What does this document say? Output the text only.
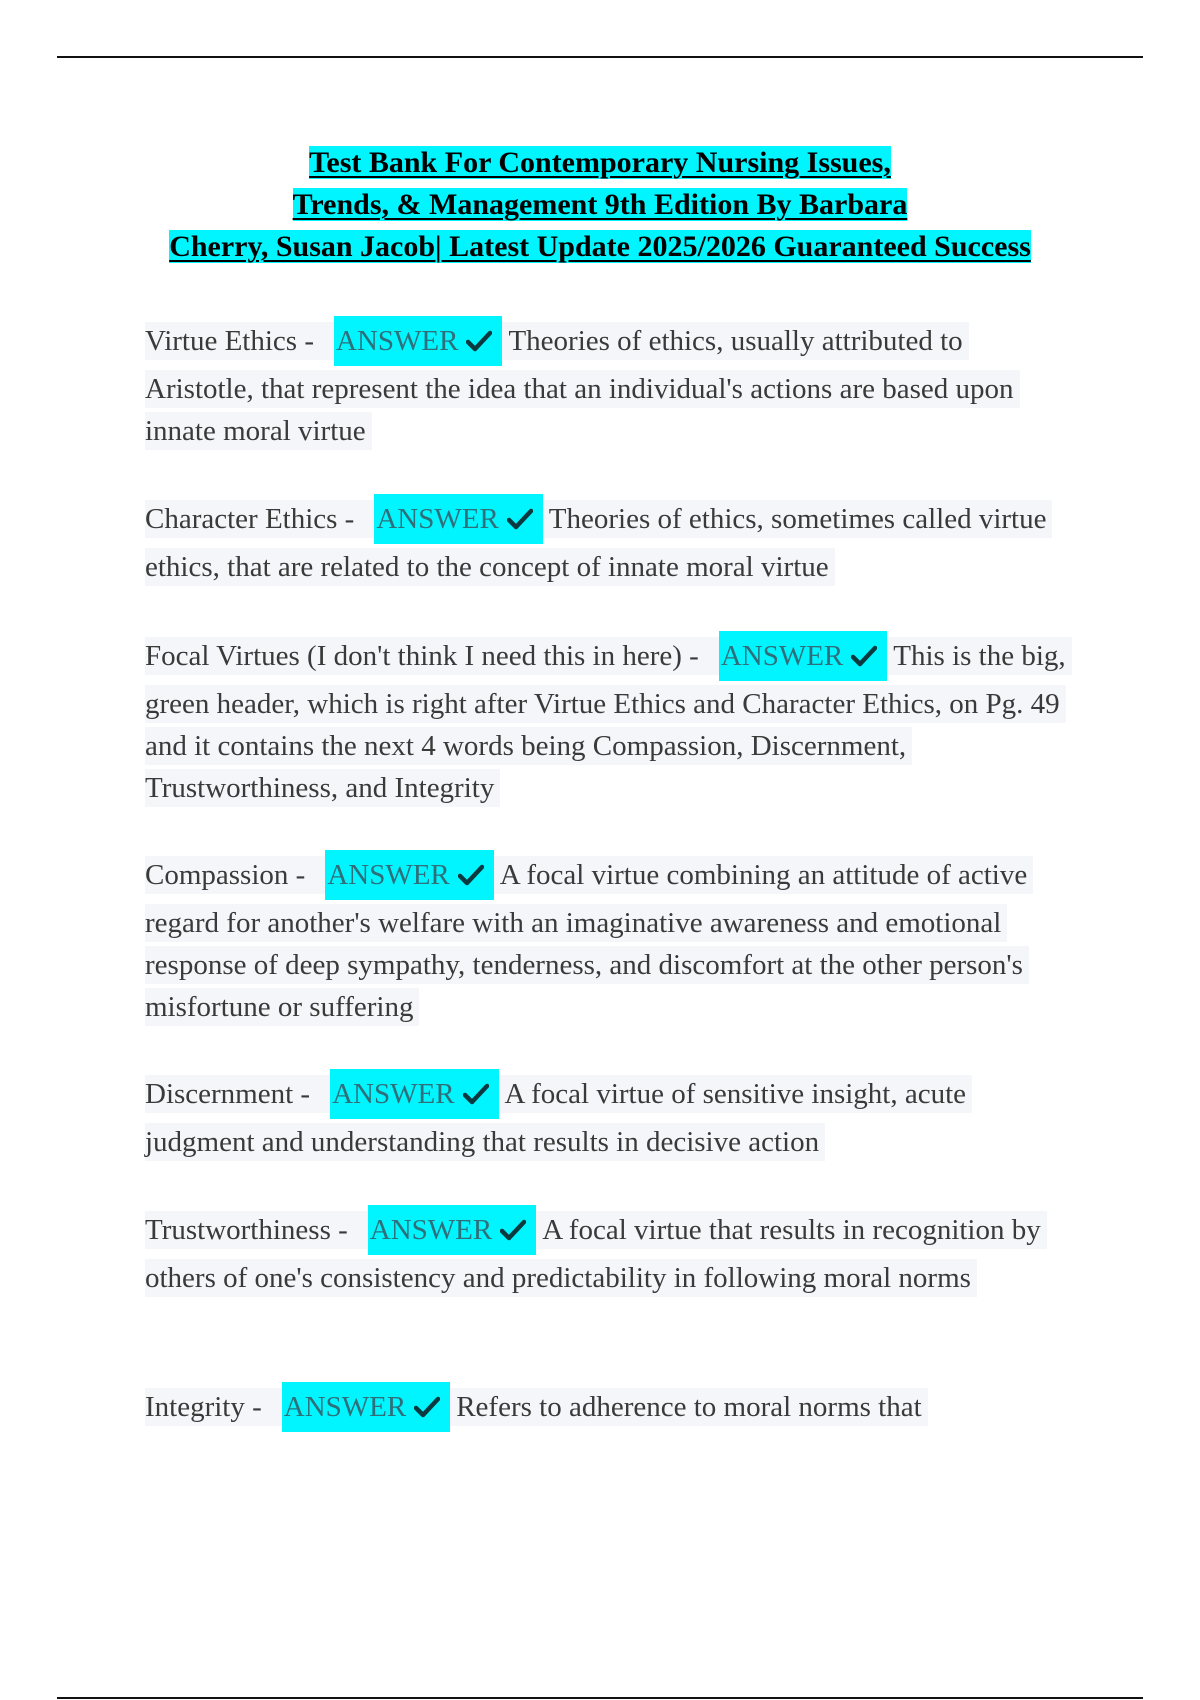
Test Bank For Contemporary Nursing Issues,
Trends, & Management 9th Edition By Barbara
Cherry, Susan Jacob| Latest Update 2025/2026 Guaranteed Success
Virtue Ethics - ANSWER Theories of ethics, usually attributed to Aristotle, that represent the idea that an individual's actions are based upon innate moral virtue
Character Ethics - ANSWER Theories of ethics, sometimes called virtue ethics, that are related to the concept of innate moral virtue
Focal Virtues (I don't think I need this in here) - ANSWER This is the big, green header, which is right after Virtue Ethics and Character Ethics, on Pg. 49 and it contains the next 4 words being Compassion, Discernment, Trustworthiness, and Integrity
Compassion - ANSWER A focal virtue combining an attitude of active regard for another's welfare with an imaginative awareness and emotional response of deep sympathy, tenderness, and discomfort at the other person's misfortune or suffering
Discernment - ANSWER A focal virtue of sensitive insight, acute judgment and understanding that results in decisive action
Trustworthiness - ANSWER A focal virtue that results in recognition by others of one's consistency and predictability in following moral norms
Integrity - ANSWER Refers to adherence to moral norms that
